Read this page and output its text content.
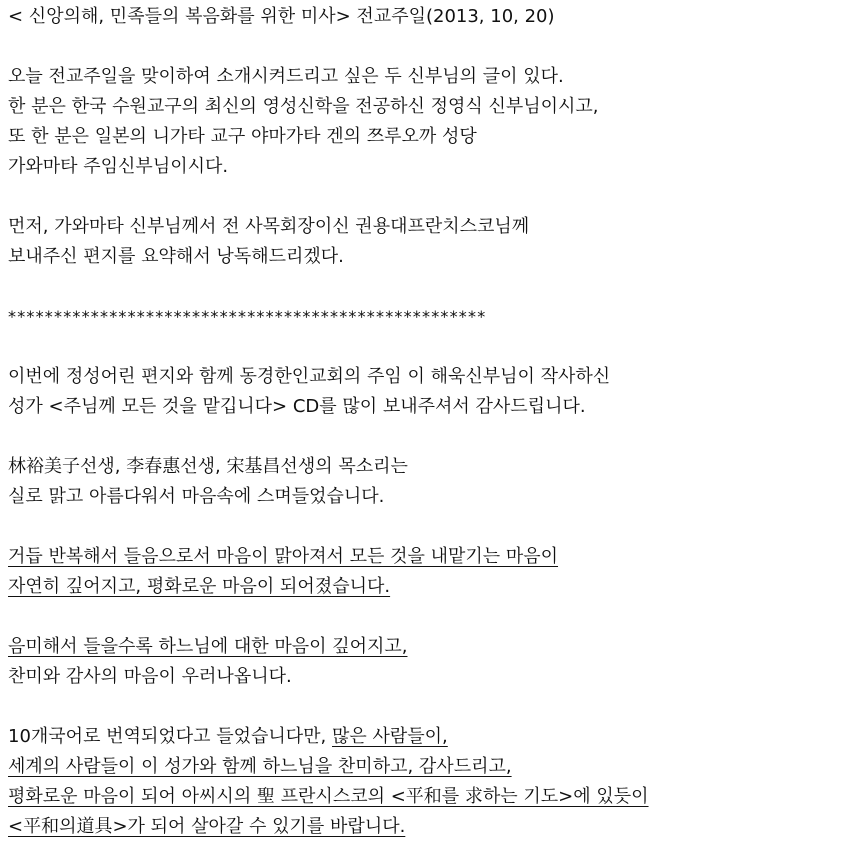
< 신앙의해, 민족들의 복음화를 위한 미사> 전교주일(2013, 10, 20)
오늘 전교주일을 맞이하여 소개시켜드리고 싶은 두 신부님의 글이 있다.
한 분은 한국 수원교구의 최신의 영성신학을 전공하신 정영식 신부님이시고,
또 한 분은 일본의 니가타 교구 야마가타 겐의 쯔루오까 성당
가와마타 주임신부님이시다.
먼저, 가와마타 신부님께서 전 사목회장이신 권용대프란치스코님께
보내주신 편지를 요약해서 낭독해드리겠다.
****************************************************
이번에 정성어린 편지와 함께 동경한인교회의 주임 이 해욱신부님이 작사하신
성가 <주님께 모든 것을 맡깁니다> CD를 많이 보내주셔서 감사드립니다.
林裕美子선생, 李春惠선생, 宋基昌선생의 목소리는
실로 맑고 아름다워서 마음속에 스며들었습니다.
거듭 반복해서 들음으로서 마음이 맑아져서 모든 것을 내맡기는 마음이
자연히 깊어지고, 평화로운 마음이 되어졌습니다.
음미해서 들을수록 하느님에 대한 마음이 깊어지고,
찬미와 감사의 마음이 우러나옵니다.
10개국어로 번역되었다고 들었습니다만, 많은 사람들이,
세계의 사람들이 이 성가와 함께 하느님을 찬미하고, 감사드리고,
평화로운 마음이 되어 아씨시의 聖 프란시스코의 <平和를 求하는 기도>에 있듯이
<平和의道具>가 되어 살아갈 수 있기를 바랍니다.
